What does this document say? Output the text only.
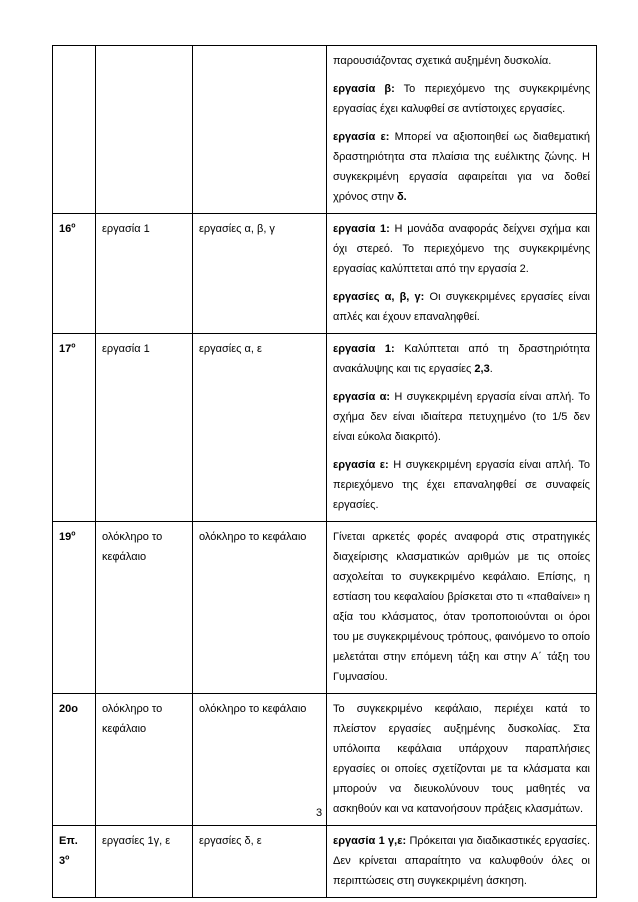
			παρουσιάζοντας σχετικά αυξημένη δυσκολία.

εργασία β: Το περιεχόμενο της συγκεκριμένης εργασίας έχει καλυφθεί σε αντίστοιχες εργασίες.

εργασία ε: Μπορεί να αξιοποιηθεί ως διαθεματική δραστηριότητα στα πλαίσια της ευέλικτης ζώνης. Η συγκεκριμένη εργασία αφαιρείται για να δοθεί χρόνος στην δ.

$16^o$	εργασία 1	εργασίες α, β, γ	εργασία 1: Η μονάδα αναφοράς δείχνει σχήμα και όχι στερεό. Το περιεχόμενο της συγκεκριμένης εργασίας καλύπτεται από την εργασία 2.

εργασίες α, β, γ: Οι συγκεκριμένες εργασίες είναι απλές και έχουν επαναληφθεί.

$17^o$	εργασία 1	εργασίες α, ε	εργασία 1: Καλύπτεται από τη δραστηριότητα ανακάλυψης και τις εργασίες 2,3.

εργασία α: Η συγκεκριμένη εργασία είναι απλή. Το σχήμα δεν είναι ιδιαίτερα πετυχημένο (το 1/5 δεν είναι εύκολα διακριτό).

εργασία ε: Η συγκεκριμένη εργασία είναι απλή. Το περιεχόμενο της έχει επαναληφθεί σε συναφείς εργασίες.

$19^o$	ολόκληρο το κεφάλαιο	ολόκληρο το κεφάλαιο	Γίνεται αρκετές φορές αναφορά στις στρατηγικές διαχείρισης κλασματικών αριθμών με τις οποίες ασχολείται το συγκεκριμένο κεφάλαιο. Επίσης, η εστίαση του κεφαλαίου βρίσκεται στο τι «παθαίνει» η αξία του κλάσματος, όταν τροποποιούνται οι όροι του με συγκεκριμένους τρόπους, φαινόμενο το οποίο μελετάται στην επόμενη τάξη και στην Α΄ τάξη του Γυμνασίου.

20ο	ολόκληρο το κεφάλαιο	ολόκληρο το κεφάλαιο	Το συγκεκριμένο κεφάλαιο, περιέχει κατά το πλείστον εργασίες αυξημένης δυσκολίας. Στα υπόλοιπα κεφάλαια υπάρχουν παραπλήσιες εργασίες οι οποίες σχετίζονται με τα κλάσματα και μπορούν να διευκολύνουν τους μαθητές να ασκηθούν και να κατανοήσουν πράξεις κλασμάτων.

Επ. $3^o$	εργασίες 1γ, ε	εργασίες δ, ε	εργασία 1 γ,ε: Πρόκειται για διαδικαστικές εργασίες. Δεν κρίνεται απαραίτητο να καλυφθούν όλες οι περιπτώσεις στη συγκεκριμένη άσκηση.

3
